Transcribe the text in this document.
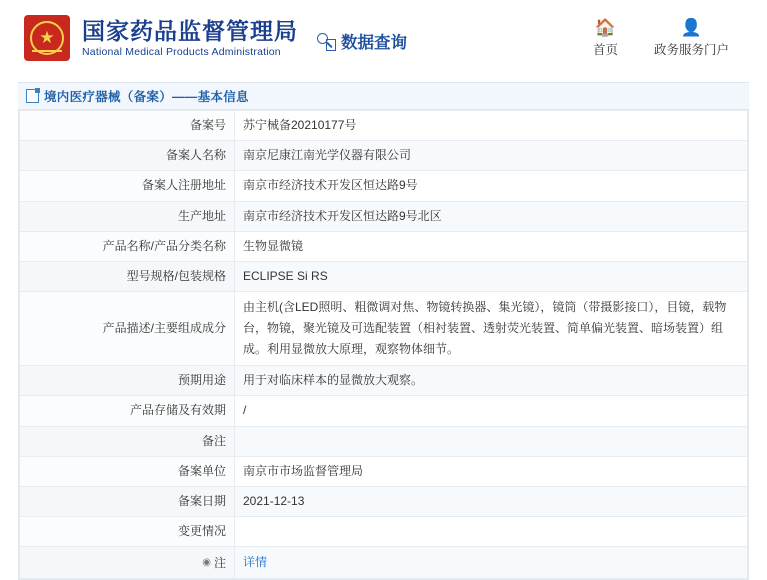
★ 国家药品监督管理局
National Medical Products Administration
数据查询
🏠
首页
👤
政务服务门户
境内医疗器械（备案）——基本信息
备案号	苏宁械备20210177号
备案人名称	南京尼康江南光学仪器有限公司
备案人注册地址	南京市经济技术开发区恒达路9号
生产地址	南京市经济技术开发区恒达路9号北区
产品名称/产品分类名称	生物显微镜
型号规格/包装规格	ECLIPSE Si RS
产品描述/主要组成成分	由主机(含LED照明、粗微调对焦、物镜转换器、集光镜），镜筒（带摄影接口），目镜，载物台，物镜，聚光镜及可选配装置（相衬装置、透射荧光装置、简单偏光装置、暗场装置）组成。利用显微放大原理，观察物体细节。
预期用途	用于对临床样本的显微放大观察。
产品存储及有效期	/
备注	
备案单位	南京市市场监督管理局
备案日期	2021-12-13
变更情况	

◉ 注	详情
